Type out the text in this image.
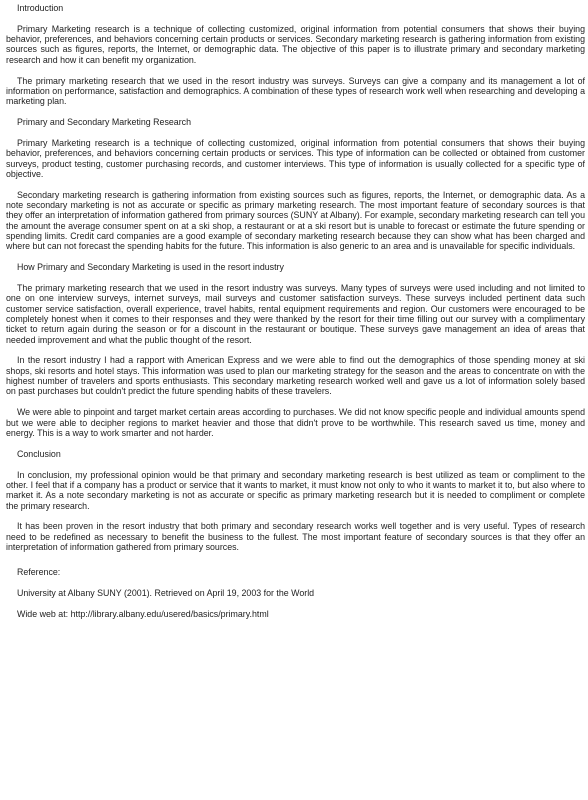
Introduction
Primary Marketing research is a technique of collecting customized, original information from potential consumers that shows their buying behavior, preferences, and behaviors concerning certain products or services. Secondary marketing research is gathering information from existing sources such as figures, reports, the Internet, or demographic data. The objective of this paper is to illustrate primary and secondary marketing research and how it can benefit my organization.
The primary marketing research that we used in the resort industry was surveys. Surveys can give a company and its management a lot of information on performance, satisfaction and demographics. A combination of these types of research work well when researching and developing a marketing plan.
Primary and Secondary Marketing Research
Primary Marketing research is a technique of collecting customized, original information from potential consumers that shows their buying behavior, preferences, and behaviors concerning certain products or services. This type of information can be collected or obtained from customer surveys, product testing, customer purchasing records, and customer interviews. This type of information is usually collected for a specific type of objective.
Secondary marketing research is gathering information from existing sources such as figures, reports, the Internet, or demographic data. As a note secondary marketing is not as accurate or specific as primary marketing research. The most important feature of secondary sources is that they offer an interpretation of information gathered from primary sources (SUNY at Albany). For example, secondary marketing research can tell you the amount the average consumer spent on at a ski shop, a restaurant or at a ski resort but is unable to forecast or estimate the future spending or spending limits. Credit card companies are a good example of secondary marketing research because they can show what has been charged and where but can not forecast the spending habits for the future. This information is also generic to an area and is unavailable for specific individuals.
How Primary and Secondary Marketing is used in the resort industry
The primary marketing research that we used in the resort industry was surveys. Many types of surveys were used including and not limited to one on one interview surveys, internet surveys, mail surveys and customer satisfaction surveys. These surveys included pertinent data such customer service satisfaction, overall experience, travel habits, rental equipment requirements and region. Our customers were encouraged to be completely honest when it comes to their responses and they were thanked by the resort for their time filling out our survey with a complimentary ticket to return again during the season or for a discount in the restaurant or boutique. These surveys gave management an idea of areas that needed improvement and what the public thought of the resort.
In the resort industry I had a rapport with American Express and we were able to find out the demographics of those spending money at ski shops, ski resorts and hotel stays. This information was used to plan our marketing strategy for the season and the areas to concentrate on with the highest number of travelers and sports enthusiasts. This secondary marketing research worked well and gave us a lot of information solely based on past purchases but couldn't predict the future spending habits of these travelers.
We were able to pinpoint and target market certain areas according to purchases. We did not know specific people and individual amounts spend but we were able to decipher regions to market heavier and those that didn't prove to be worthwhile. This research saved us time, money and energy. This is a way to work smarter and not harder.
Conclusion
In conclusion, my professional opinion would be that primary and secondary marketing research is best utilized as team or compliment to the other. I feel that if a company has a product or service that it wants to market, it must know not only to who it wants to market it to, but also where to market it. As a note secondary marketing is not as accurate or specific as primary marketing research but it is needed to compliment or complete the primary research.
It has been proven in the resort industry that both primary and secondary research works well together and is very useful. Types of research need to be redefined as necessary to benefit the business to the fullest. The most important feature of secondary sources is that they offer an interpretation of information gathered from primary sources.
Reference:
University at Albany SUNY (2001). Retrieved on April 19, 2003 for the World
Wide web at: http://library.albany.edu/usered/basics/primary.html
